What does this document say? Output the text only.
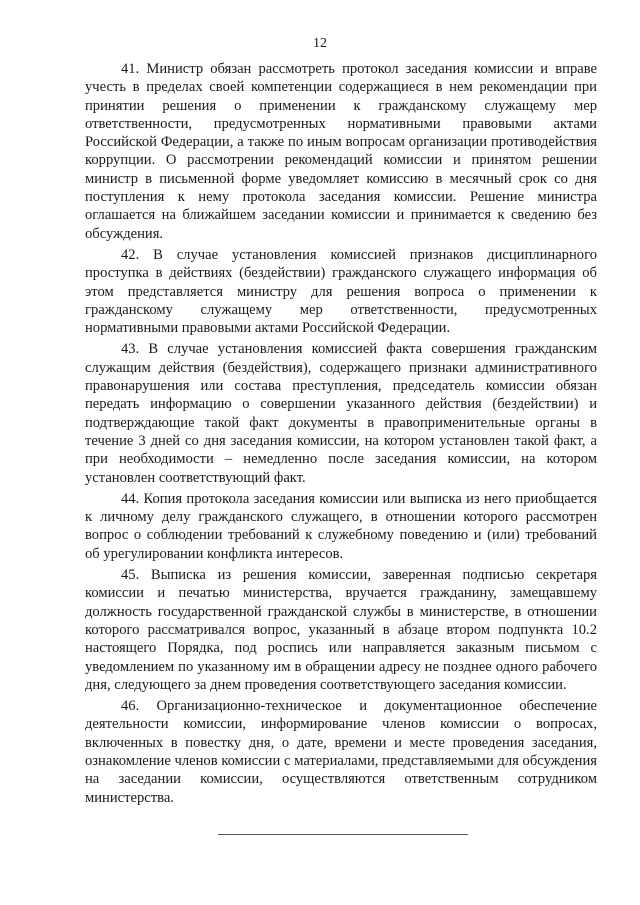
12

41. Министр обязан рассмотреть протокол заседания комиссии и вправе учесть в пределах своей компетенции содержащиеся в нем рекомендации при принятии решения о применении к гражданскому служащему мер ответственности, предусмотренных нормативными правовыми актами Российской Федерации, а также по иным вопросам организации противодействия коррупции. О рассмотрении рекомендаций комиссии и принятом решении министр в письменной форме уведомляет комиссию в месячный срок со дня поступления к нему протокола заседания комиссии. Решение министра оглашается на ближайшем заседании комиссии и принимается к сведению без обсуждения.

42. В случае установления комиссией признаков дисциплинарного проступка в действиях (бездействии) гражданского служащего информация об этом представляется министру для решения вопроса о применении к гражданскому служащему мер ответственности, предусмотренных нормативными правовыми актами Российской Федерации.

43. В случае установления комиссией факта совершения гражданским служащим действия (бездействия), содержащего признаки административного правонарушения или состава преступления, председатель комиссии обязан передать информацию о совершении указанного действия (бездействии) и подтверждающие такой факт документы в правоприменительные органы в течение 3 дней со дня заседания комиссии, на котором установлен такой факт, а при необходимости – немедленно после заседания комиссии, на котором установлен соответствующий факт.

44. Копия протокола заседания комиссии или выписка из него приобщается к личному делу гражданского служащего, в отношении которого рассмотрен вопрос о соблюдении требований к служебному поведению и (или) требований об урегулировании конфликта интересов.

45. Выписка из решения комиссии, заверенная подписью секретаря комиссии и печатью министерства, вручается гражданину, замещавшему должность государственной гражданской службы в министерстве, в отношении которого рассматривался вопрос, указанный в абзаце втором подпункта 10.2 настоящего Порядка, под роспись или направляется заказным письмом с уведомлением по указанному им в обращении адресу не позднее одного рабочего дня, следующего за днем проведения соответствующего заседания комиссии.

46. Организационно-техническое и документационное обеспечение деятельности комиссии, информирование членов комиссии о вопросах, включенных в повестку дня, о дате, времени и месте проведения заседания, ознакомление членов комиссии с материалами, представляемыми для обсуждения на заседании комиссии, осуществляются ответственным сотрудником министерства.
